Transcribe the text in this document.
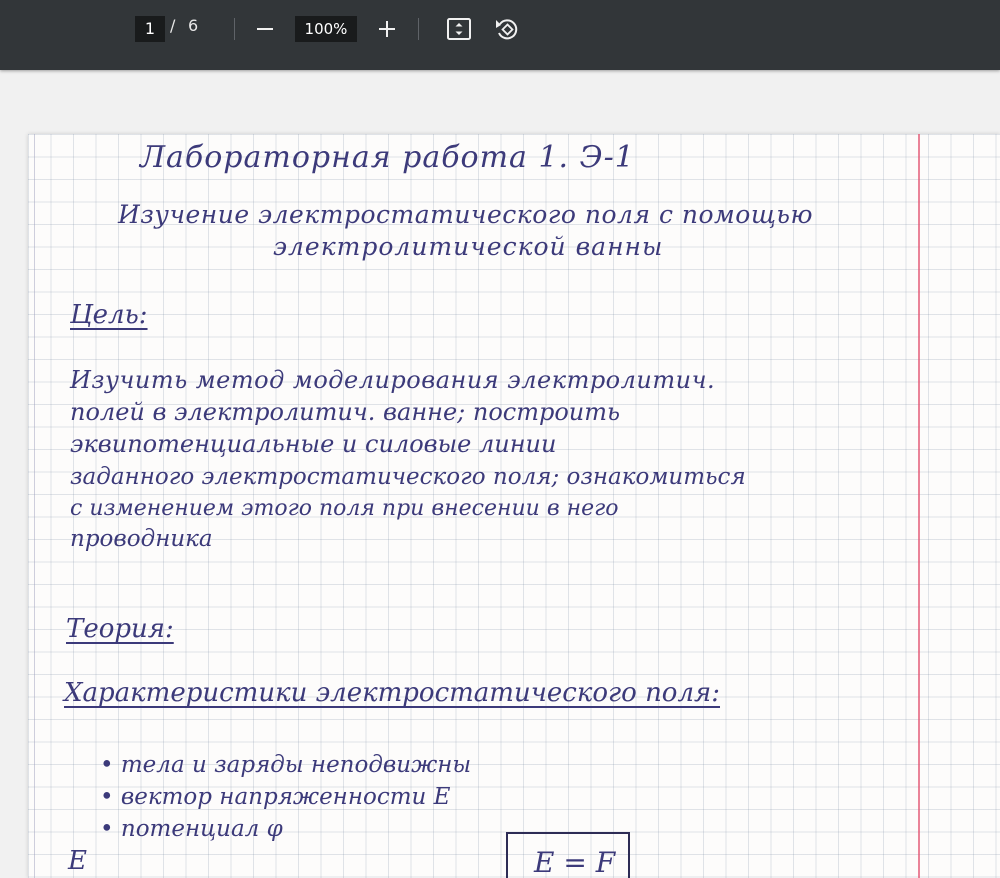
1 / 6	100%
Лабораторная работа 1. Э-1
Изучение электростатического поля с помощью
электролитической ванны
Цель:
Изучить метод моделирования электролитич.
полей в электролитич. ванне; построить
эквипотенциальные и силовые линии
заданного электростатического поля; ознакомиться
с изменением этого поля при внесении в него
проводника
Теория:
Характеристики электростатического поля:
• тела и заряды неподвижны
• вектор напряженности E
• потенциал φ
E	E = F
